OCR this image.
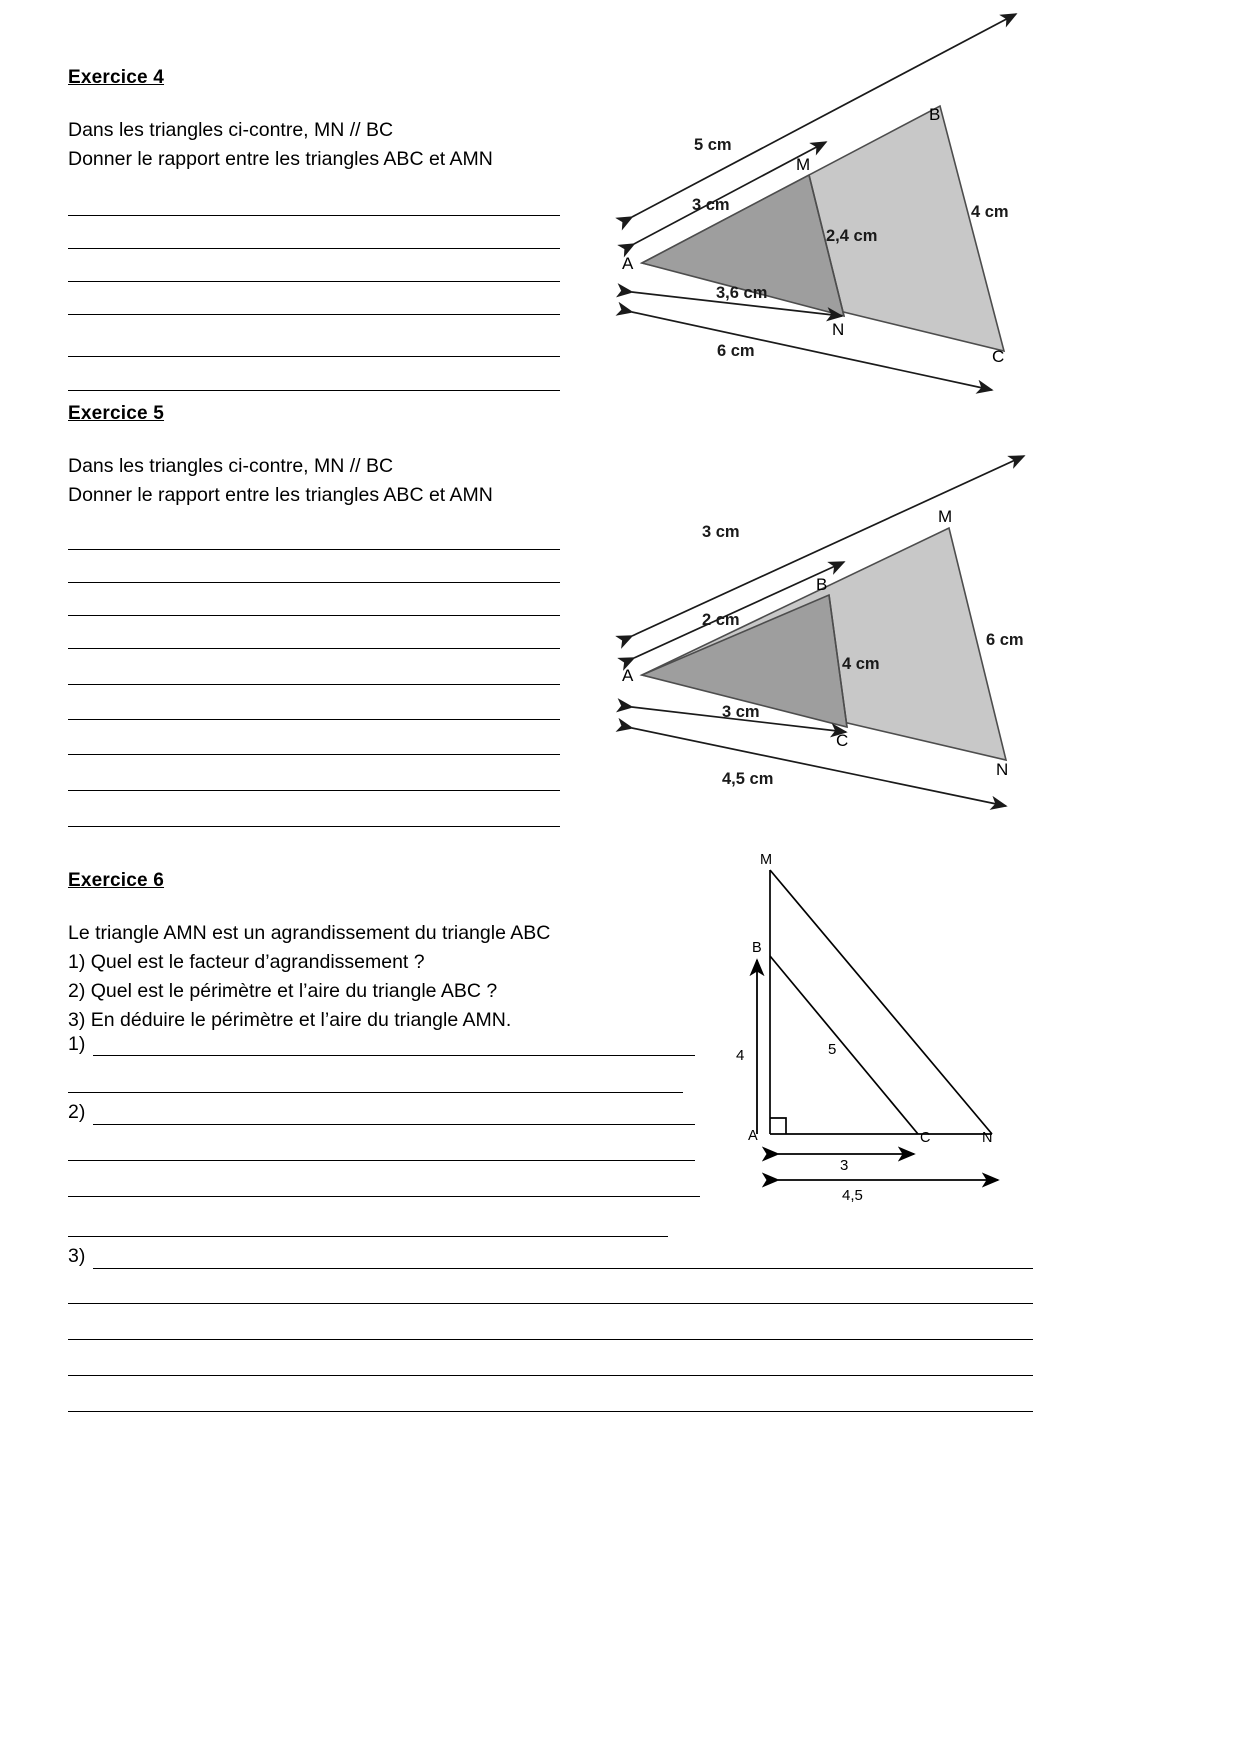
Exercice 4
Dans les triangles ci-contre, MN // BC
Donner le rapport entre les triangles ABC et AMN
5 cm
3 cm
2,4 cm
4 cm
3,6 cm
6 cm
A
M
N
B
C
Exercice 5
Dans les triangles ci-contre, MN // BC
Donner le rapport entre les triangles ABC et AMN
3 cm
2 cm
4 cm
6 cm
3 cm
4,5 cm
A
B
C
M
N
Exercice 6
Le triangle AMN est un agrandissement du triangle ABC
1) Quel est le facteur d’agrandissement ?
2) Quel est le périmètre et l’aire du triangle ABC ?
3) En déduire le périmètre et l’aire du triangle AMN.
1)
2)
3)
4	5
3
4,5
M
B
A	C	N
